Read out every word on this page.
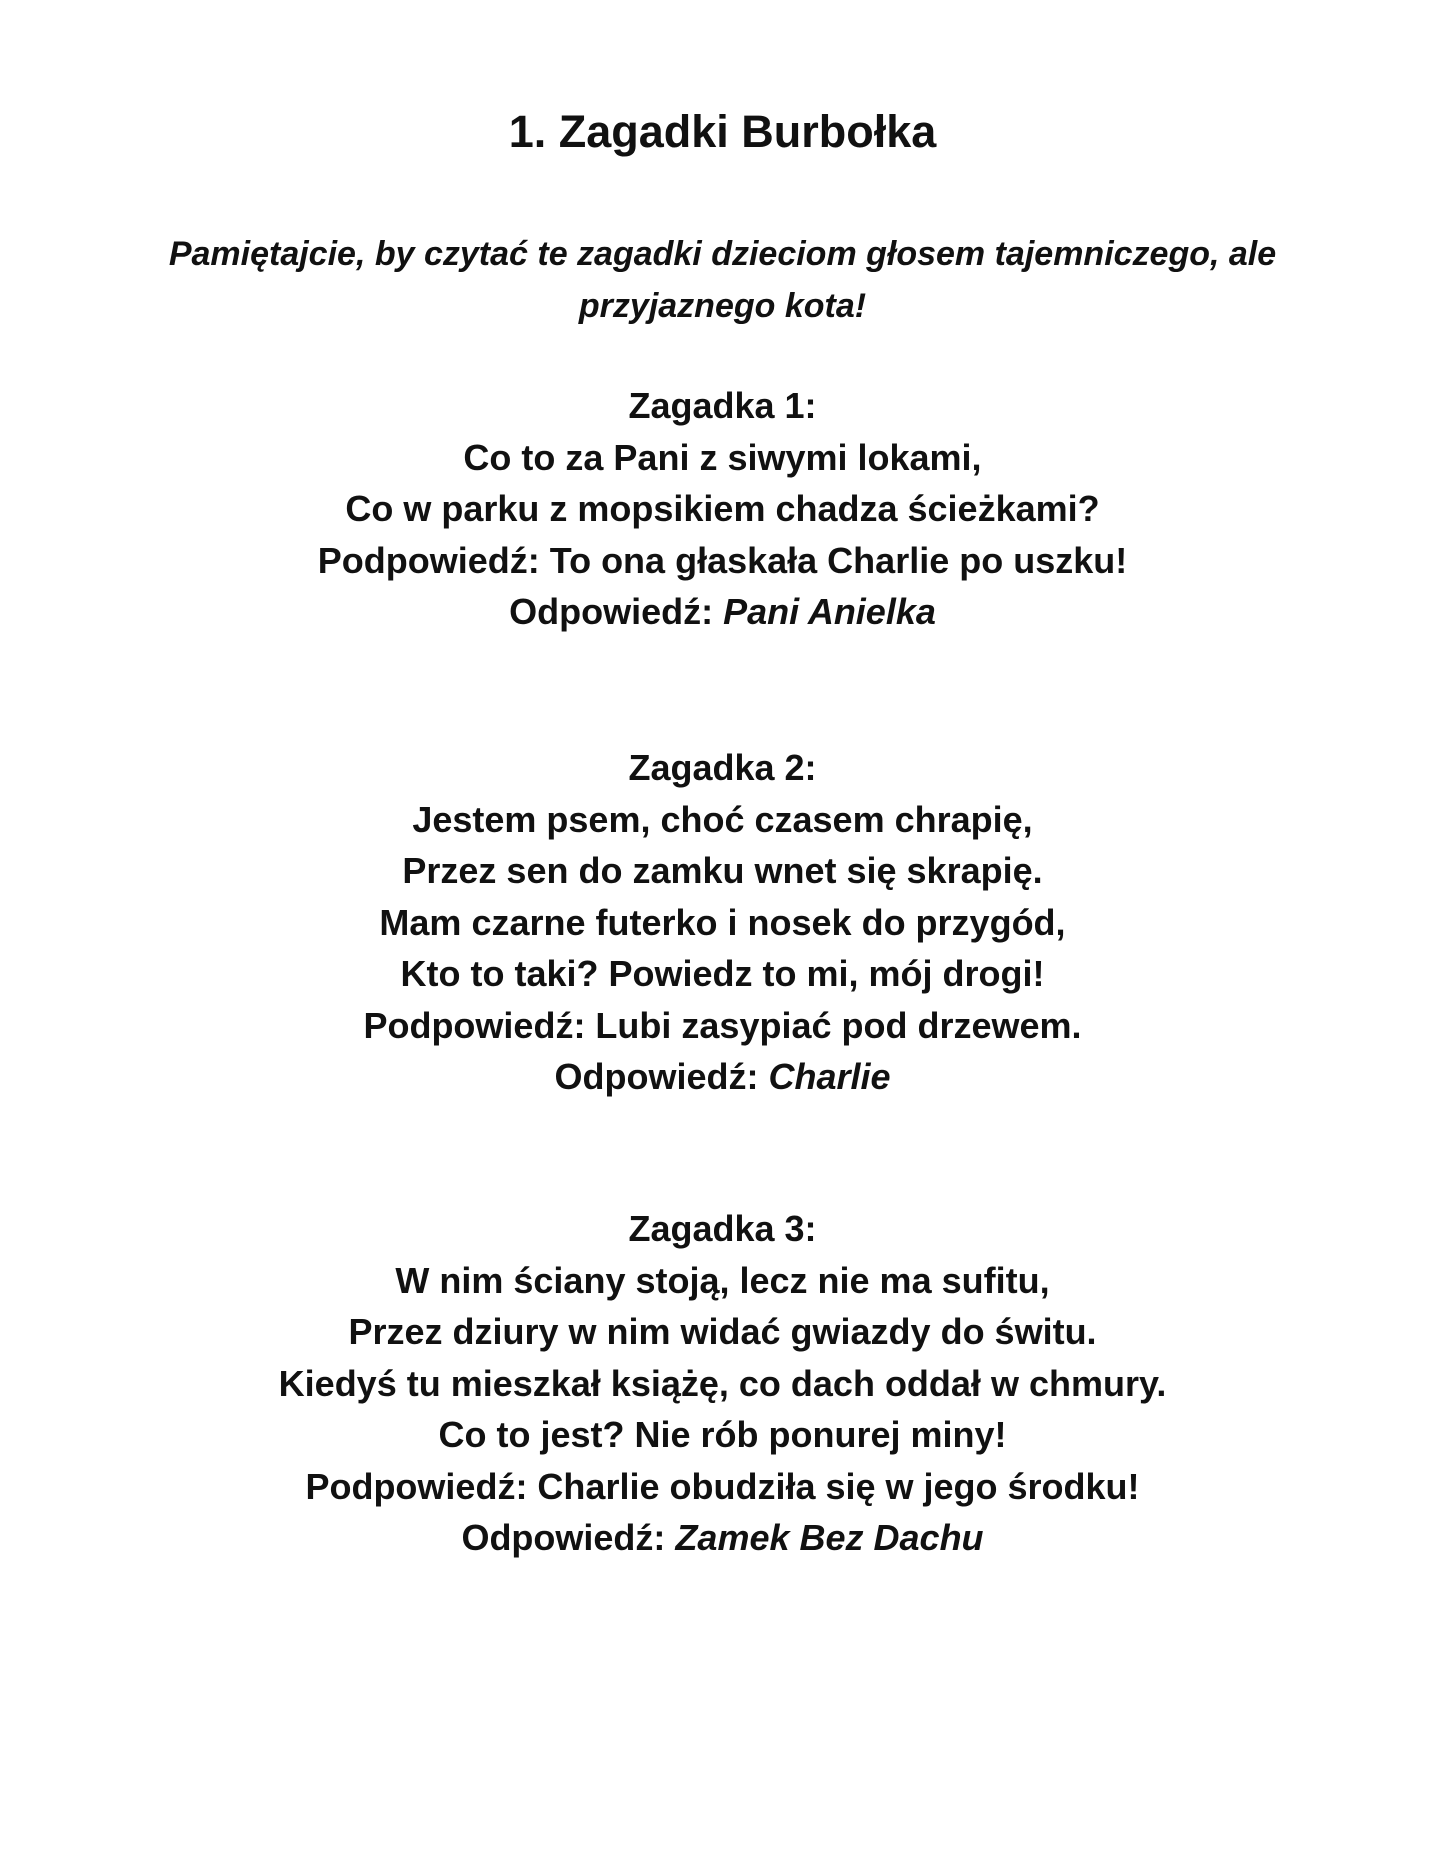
1. Zagadki Burbołka

Pamiętajcie, by czytać te zagadki dzieciom głosem tajemniczego, ale przyjaznego kota!

Zagadka 1:
Co to za Pani z siwymi lokami,
Co w parku z mopsikiem chadza ścieżkami?
Podpowiedź: To ona głaskała Charlie po uszku!
Odpowiedź: Pani Anielka
Zagadka 2:
Jestem psem, choć czasem chrapię,
Przez sen do zamku wnet się skrapię.
Mam czarne futerko i nosek do przygód,
Kto to taki? Powiedz to mi, mój drogi!
Podpowiedź: Lubi zasypiać pod drzewem.
Odpowiedź: Charlie
Zagadka 3:
W nim ściany stoją, lecz nie ma sufitu,
Przez dziury w nim widać gwiazdy do świtu.
Kiedyś tu mieszkał książę, co dach oddał w chmury.
Co to jest? Nie rób ponurej miny!
Podpowiedź: Charlie obudziła się w jego środku!
Odpowiedź: Zamek Bez Dachu
